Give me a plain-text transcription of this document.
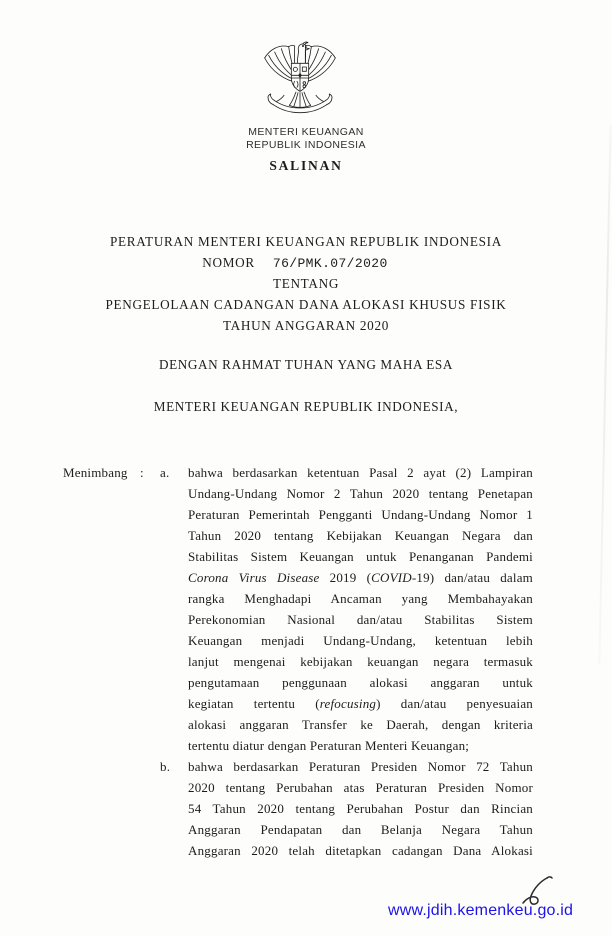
MENTERI KEUANGAN
REPUBLIK INDONESIA
SALINAN
PERATURAN MENTERI KEUANGAN REPUBLIK INDONESIA
NOMOR 76/PMK.07/2020
TENTANG
PENGELOLAAN CADANGAN DANA ALOKASI KHUSUS FISIK
TAHUN ANGGARAN 2020
DENGAN RAHMAT TUHAN YANG MAHA ESA
MENTERI KEUANGAN REPUBLIK INDONESIA,
Menimbang :	a.	bahwa berdasarkan ketentuan Pasal 2 ayat (2) Lampiran
Undang-Undang Nomor 2 Tahun 2020 tentang Penetapan
Peraturan Pemerintah Pengganti Undang-Undang Nomor 1
Tahun 2020 tentang Kebijakan Keuangan Negara dan
Stabilitas Sistem Keuangan untuk Penanganan Pandemi
Corona Virus Disease 2019 (COVID-19) dan/atau dalam
rangka Menghadapi Ancaman yang Membahayakan
Perekonomian Nasional dan/atau Stabilitas Sistem
Keuangan menjadi Undang-Undang, ketentuan lebih
lanjut mengenai kebijakan keuangan negara termasuk
pengutamaan penggunaan alokasi anggaran untuk
kegiatan tertentu (refocusing) dan/atau penyesuaian
alokasi anggaran Transfer ke Daerah, dengan kriteria
tertentu diatur dengan Peraturan Menteri Keuangan;
b.	bahwa berdasarkan Peraturan Presiden Nomor 72 Tahun
2020 tentang Perubahan atas Peraturan Presiden Nomor
54 Tahun 2020 tentang Perubahan Postur dan Rincian
Anggaran Pendapatan dan Belanja Negara Tahun
Anggaran 2020 telah ditetapkan cadangan Dana Alokasi
www.jdih.kemenkeu.go.id
